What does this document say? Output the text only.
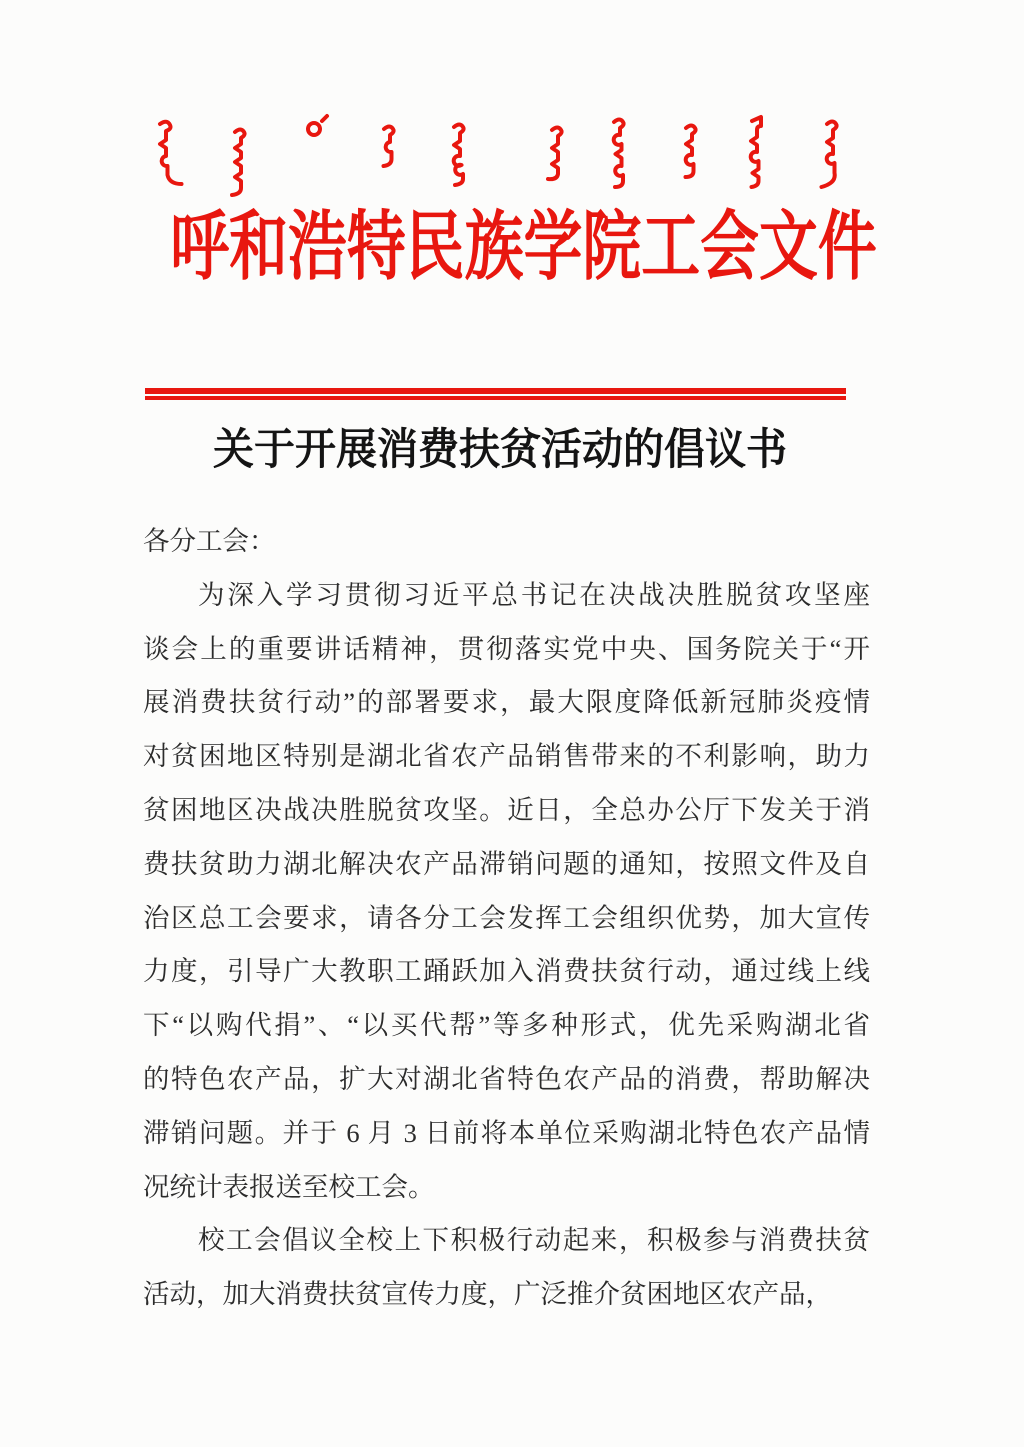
呼和浩特民族学院工会文件
关于开展消费扶贫活动的倡议书
各分工会：
为深入学习贯彻习近平总书记在决战决胜脱贫攻坚座
谈会上的重要讲话精神，贯彻落实党中央、国务院关于“开
展消费扶贫行动”的部署要求，最大限度降低新冠肺炎疫情
对贫困地区特别是湖北省农产品销售带来的不利影响，助力
贫困地区决战决胜脱贫攻坚。近日，全总办公厅下发关于消
费扶贫助力湖北解决农产品滞销问题的通知，按照文件及自
治区总工会要求，请各分工会发挥工会组织优势，加大宣传
力度，引导广大教职工踊跃加入消费扶贫行动，通过线上线
下“以购代捐”、“以买代帮”等多种形式，优先采购湖北省
的特色农产品，扩大对湖北省特色农产品的消费，帮助解决
滞销问题。并于 6 月 3 日前将本单位采购湖北特色农产品情
况统计表报送至校工会。
校工会倡议全校上下积极行动起来，积极参与消费扶贫
活动，加大消费扶贫宣传力度，广泛推介贫困地区农产品，
